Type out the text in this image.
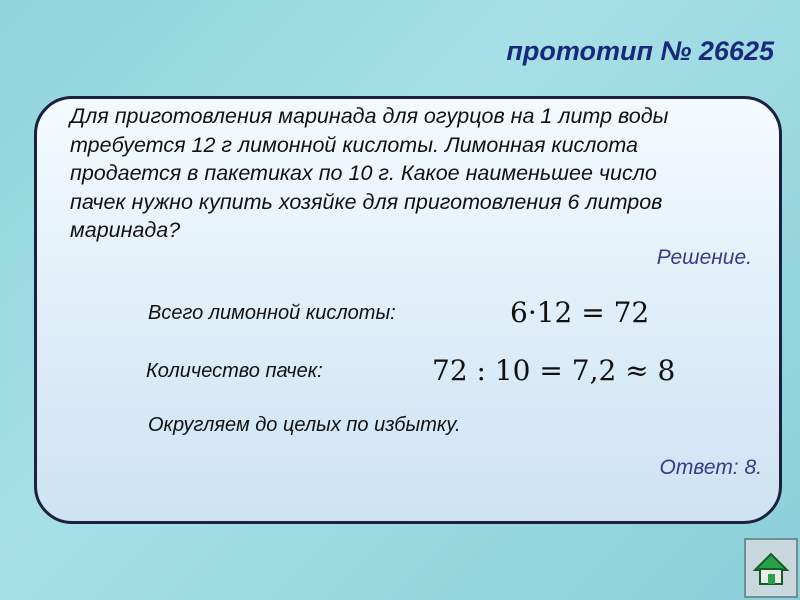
прототип № 26625
Для приготовления маринада для огурцов на 1 литр воды
требуется 12 г лимонной кислоты. Лимонная кислота
продается в пакетиках по 10 г. Какое наименьшее число
пачек нужно купить хозяйке для приготовления 6 литров
маринада?
Решение.
Всего лимонной кислоты:	6·12 = 72
Количество пачек:	72 : 10 = 7,2 ≈ 8
Округляем до целых по избытку.
Ответ: 8.
